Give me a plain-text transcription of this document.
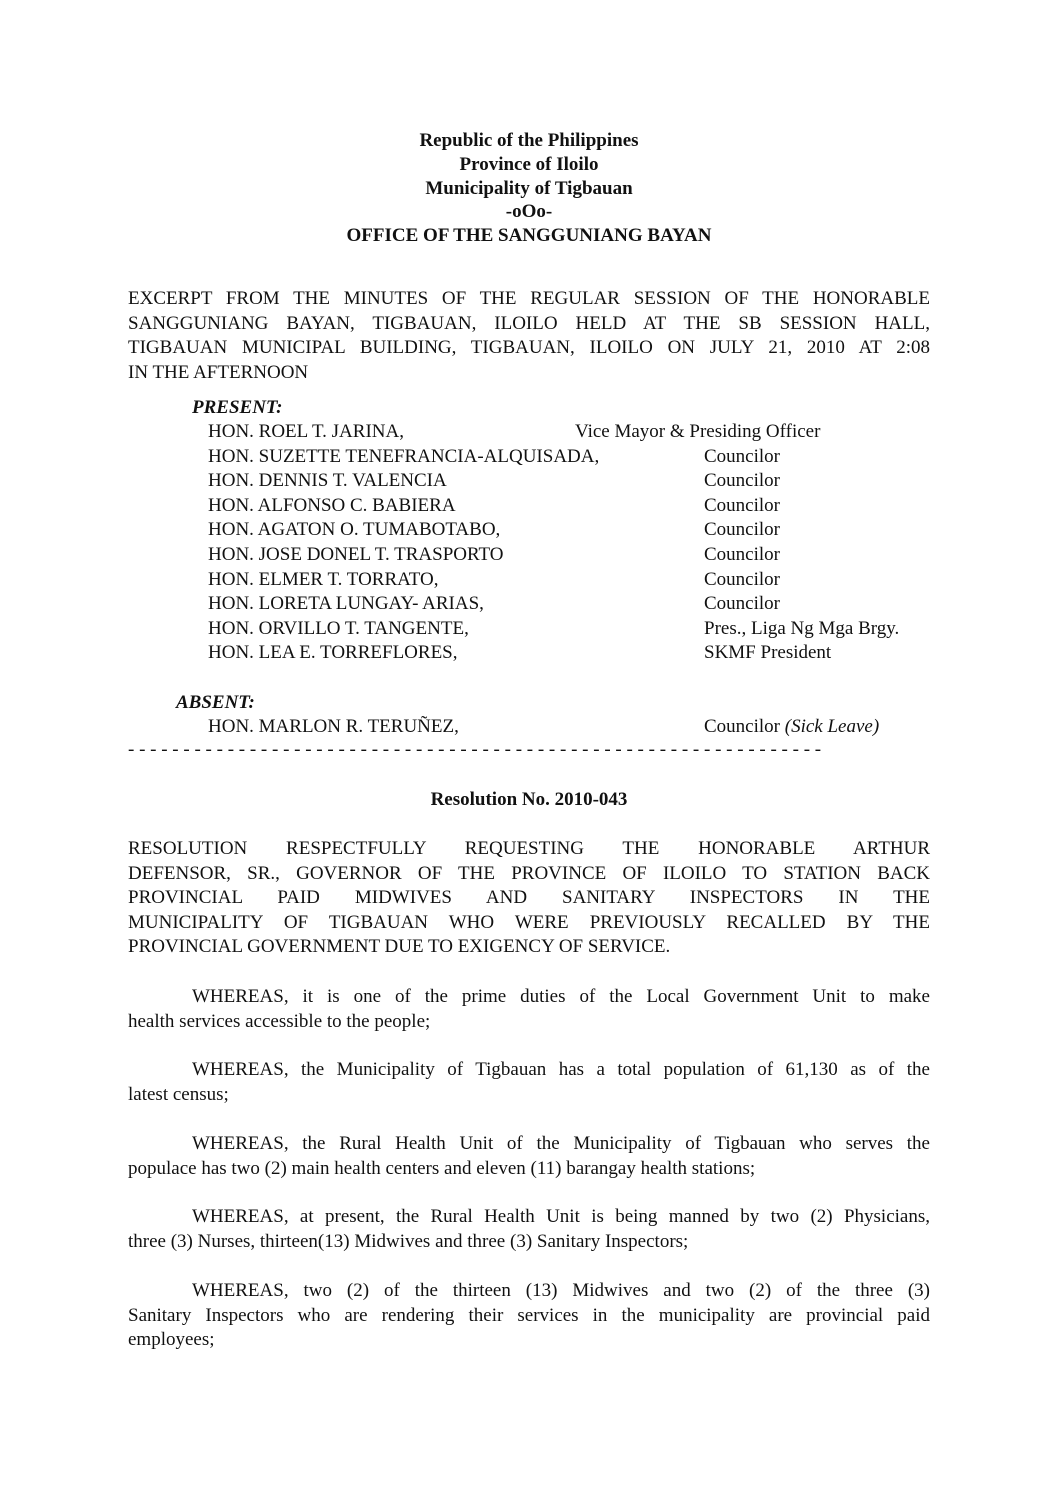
Republic of the Philippines
Province of Iloilo
Municipality of Tigbauan
-oOo-
OFFICE OF THE SANGGUNIANG BAYAN
EXCERPT FROM THE MINUTES OF THE REGULAR SESSION OF THE HONORABLE
SANGGUNIANG BAYAN, TIGBAUAN, ILOILO HELD AT THE SB SESSION HALL,
TIGBAUAN MUNICIPAL BUILDING, TIGBAUAN, ILOILO ON JULY 21, 2010 AT 2:08
IN THE AFTERNOON
PRESENT:
HON. ROEL T. JARINA,	Vice Mayor & Presiding Officer
HON. SUZETTE TENEFRANCIA-ALQUISADA,	Councilor
HON. DENNIS T. VALENCIA	Councilor
HON. ALFONSO C. BABIERA	Councilor
HON. AGATON O. TUMABOTABO,	Councilor
HON. JOSE DONEL T. TRASPORTO	Councilor
HON. ELMER T. TORRATO,	Councilor
HON. LORETA LUNGAY- ARIAS,	Councilor
HON. ORVILLO T. TANGENTE,	Pres., Liga Ng Mga Brgy.
HON. LEA E. TORREFLORES,	SKMF President
ABSENT:
HON. MARLON R. TERUÑEZ,	Councilor (Sick Leave)
- - - - - - - - - - - - - - - - - - - - - - - - - - - - - - - - - - - - - - - - - - - - - - - - - - - - - - - - - - - - - - -
Resolution No. 2010-043
RESOLUTION RESPECTFULLY REQUESTING THE HONORABLE ARTHUR
DEFENSOR, SR., GOVERNOR OF THE PROVINCE OF ILOILO TO STATION BACK
PROVINCIAL PAID MIDWIVES AND SANITARY INSPECTORS IN THE
MUNICIPALITY OF TIGBAUAN WHO WERE PREVIOUSLY RECALLED BY THE
PROVINCIAL GOVERNMENT DUE TO EXIGENCY OF SERVICE.
WHEREAS, it is one of the prime duties of the Local Government Unit to make
health services accessible to the people;
WHEREAS, the Municipality of Tigbauan has a total population of 61,130 as of the
latest census;
WHEREAS, the Rural Health Unit of the Municipality of Tigbauan who serves the
populace has two (2) main health centers and eleven (11) barangay health stations;
WHEREAS, at present, the Rural Health Unit is being manned by two (2) Physicians,
three (3) Nurses, thirteen(13) Midwives and three (3) Sanitary Inspectors;
WHEREAS, two (2) of the thirteen (13) Midwives and two (2) of the three (3)
Sanitary Inspectors who are rendering their services in the municipality are provincial paid
employees;
